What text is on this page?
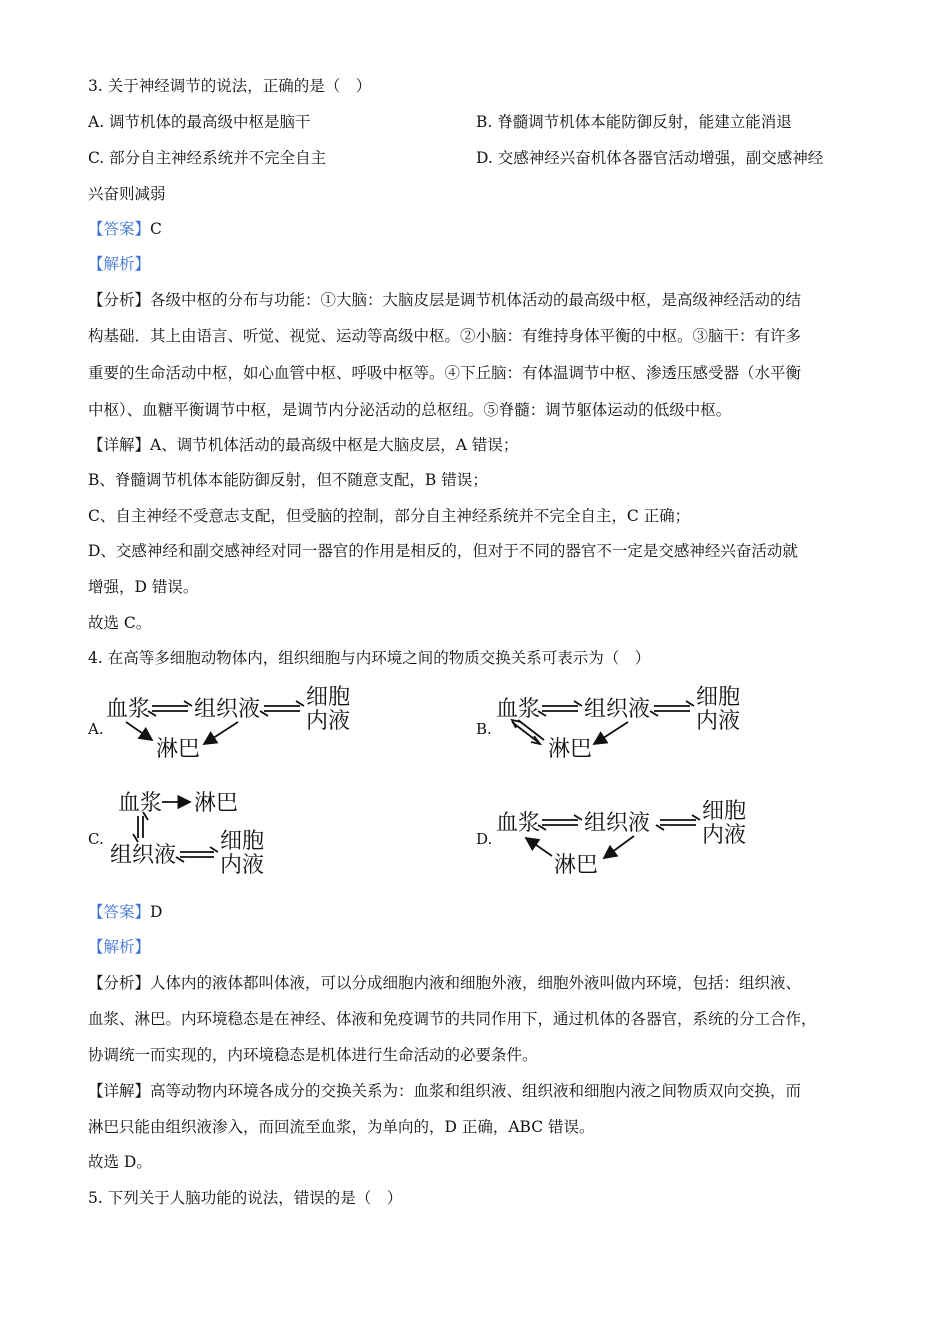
3. 关于神经调节的说法，正确的是（　）
A. 调节机体的最高级中枢是脑干	B. 脊髓调节机体本能防御反射，能建立能消退
C. 部分自主神经系统并不完全自主	D. 交感神经兴奋机体各器官活动增强，副交感神经
兴奋则减弱
【答案】C
【解析】
【分析】各级中枢的分布与功能：①大脑：大脑皮层是调节机体活动的最高级中枢，是高级神经活动的结
构基础．其上由语言、听觉、视觉、运动等高级中枢。②小脑：有维持身体平衡的中枢。③脑干：有许多
重要的生命活动中枢，如心血管中枢、呼吸中枢等。④下丘脑：有体温调节中枢、渗透压感受器（水平衡
中枢）、血糖平衡调节中枢，是调节内分泌活动的总枢纽。⑤脊髓：调节躯体运动的低级中枢。
【详解】A、调节机体活动的最高级中枢是大脑皮层，A 错误；
B、脊髓调节机体本能防御反射，但不随意支配，B 错误；
C、自主神经不受意志支配，但受脑的控制，部分自主神经系统并不完全自主，C 正确；
D、交感神经和副交感神经对同一器官的作用是相反的，但对于不同的器官不一定是交感神经兴奋活动就
增强，D 错误。
故选 C。
4. 在高等多细胞动物体内，组织细胞与内环境之间的物质交换关系可表示为（　）
A.
血浆 组织液 细胞
内液
淋巴
B.
血浆 组织液 细胞
内液
淋巴
C.
血浆 淋巴
组织液
细胞
内液
D.
血浆 组织液 细胞
内液
淋巴
【答案】D
【解析】
【分析】人体内的液体都叫体液，可以分成细胞内液和细胞外液，细胞外液叫做内环境，包括：组织液、
血浆、淋巴。内环境稳态是在神经、体液和免疫调节的共同作用下，通过机体的各器官，系统的分工合作，
协调统一而实现的，内环境稳态是机体进行生命活动的必要条件。
【详解】高等动物内环境各成分的交换关系为：血浆和组织液、组织液和细胞内液之间物质双向交换，而
淋巴只能由组织液渗入，而回流至血浆，为单向的，D 正确，ABC 错误。
故选 D。
5. 下列关于人脑功能的说法，错误的是（　）
